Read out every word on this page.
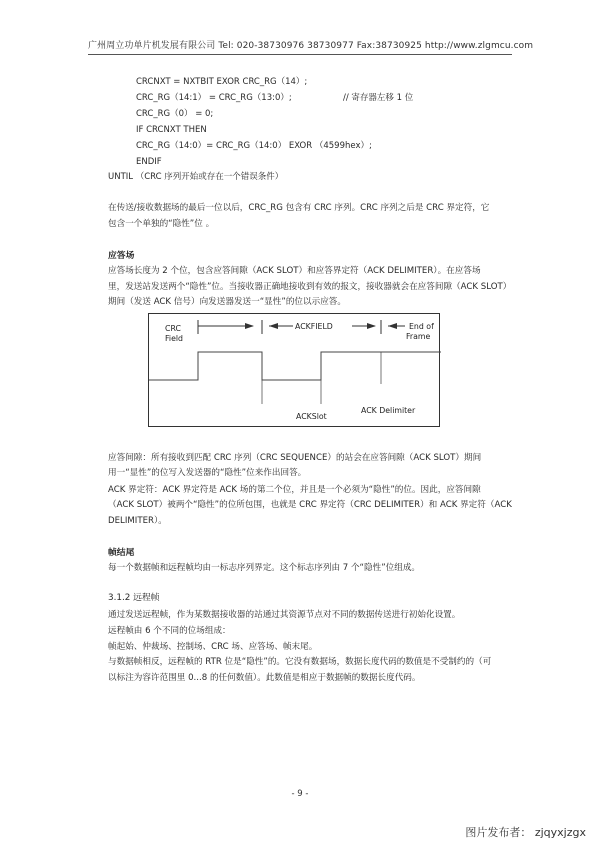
广州周立功单片机发展有限公司 Tel: 020-38730976 38730977 Fax:38730925 http://www.zlgmcu.com
CRCNXT = NXTBIT EXOR CRC_RG（14）;
CRC_RG（14:1） = CRC_RG（13:0）;	// 寄存器左移 1 位
CRC_RG（0） = 0;
IF CRCNXT THEN
CRC_RG（14:0）= CRC_RG（14:0） EXOR （4599hex）;
ENDIF
UNTIL （CRC 序列开始或存在一个错误条件）
在传送/接收数据场的最后一位以后，CRC_RG 包含有 CRC 序列。CRC 序列之后是 CRC 界定符，它
包含一个单独的“隐性”位 。
应答场
应答场长度为 2 个位，包含应答间隙（ACK SLOT）和应答界定符（ACK DELIMITER）。在应答场
里，发送站发送两个“隐性”位。当接收器正确地接收到有效的报文，接收器就会在应答间隙（ACK SLOT）
期间（发送 ACK 信号）向发送器发送一“显性”的位以示应答。
CRC
Field
ACKFIELD	End of
Frame
ACKSlot
ACK Delimiter
应答间隙：所有接收到匹配 CRC 序列（CRC SEQUENCE）的站会在应答间隙（ACK SLOT）期间
用一“显性”的位写入发送器的“隐性”位来作出回答。
ACK 界定符：ACK 界定符是 ACK 场的第二个位，并且是一个必须为“隐性”的位。因此，应答间隙
（ACK SLOT）被两个“隐性”的位所包围，也就是 CRC 界定符（CRC DELIMITER）和 ACK 界定符（ACK
DELIMITER）。
帧结尾
每一个数据帧和远程帧均由一标志序列界定。这个标志序列由 7 个“隐性”位组成。
3.1.2 远程帧
通过发送远程帧，作为某数据接收器的站通过其资源节点对不同的数据传送进行初始化设置。
远程帧由 6 个不同的位场组成：
帧起始、仲裁场、控制场、CRC 场、应答场、帧末尾。
与数据帧相反，远程帧的 RTR 位是“隐性”的。它没有数据场，数据长度代码的数值是不受制约的（可
以标注为容许范围里 0...8 的任何数值）。此数值是相应于数据帧的数据长度代码。
- 9 -
图片发布者： zjqyxjzgx
